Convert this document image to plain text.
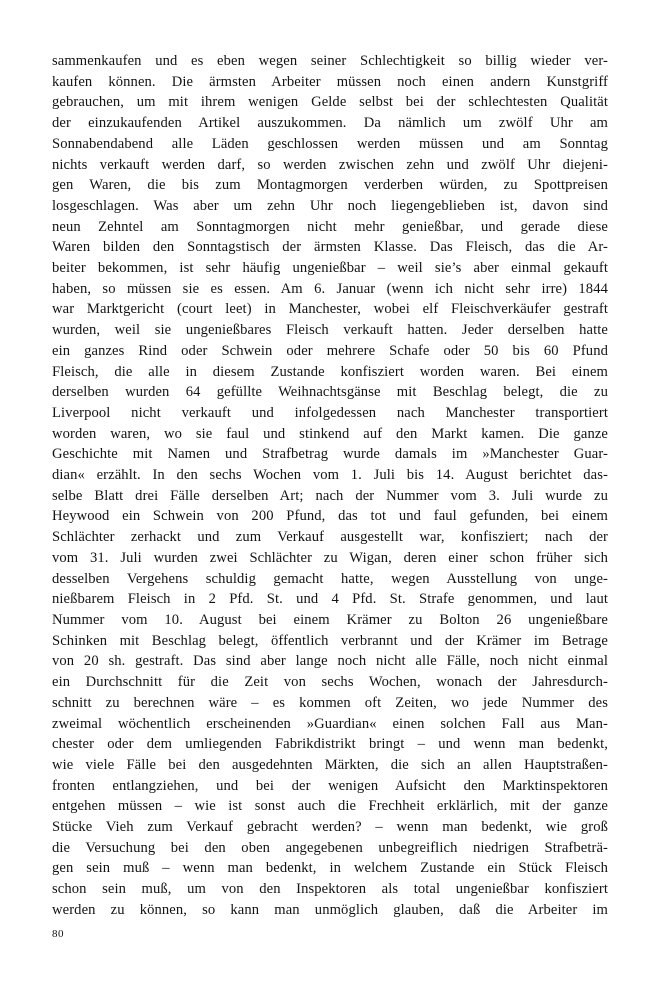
sammenkaufen und es eben wegen seiner Schlechtigkeit so billig wieder ver-
kaufen können. Die ärmsten Arbeiter müssen noch einen andern Kunstgriff
gebrauchen, um mit ihrem wenigen Gelde selbst bei der schlechtesten Qualität
der einzukaufenden Artikel auszukommen. Da nämlich um zwölf Uhr am
Sonnabendabend alle Läden geschlossen werden müssen und am Sonntag
nichts verkauft werden darf, so werden zwischen zehn und zwölf Uhr diejeni-
gen Waren, die bis zum Montagmorgen verderben würden, zu Spottpreisen
losgeschlagen. Was aber um zehn Uhr noch liegengeblieben ist, davon sind
neun Zehntel am Sonntagmorgen nicht mehr genießbar, und gerade diese
Waren bilden den Sonntagstisch der ärmsten Klasse. Das Fleisch, das die Ar-
beiter bekommen, ist sehr häufig ungenießbar – weil sie’s aber einmal gekauft
haben, so müssen sie es essen. Am 6. Januar (wenn ich nicht sehr irre) 1844
war Marktgericht (court leet) in Manchester, wobei elf Fleischverkäufer gestraft
wurden, weil sie ungenießbares Fleisch verkauft hatten. Jeder derselben hatte
ein ganzes Rind oder Schwein oder mehrere Schafe oder 50 bis 60 Pfund
Fleisch, die alle in diesem Zustande konfisziert worden waren. Bei einem
derselben wurden 64 gefüllte Weihnachtsgänse mit Beschlag belegt, die zu
Liverpool nicht verkauft und infolgedessen nach Manchester transportiert
worden waren, wo sie faul und stinkend auf den Markt kamen. Die ganze
Geschichte mit Namen und Strafbetrag wurde damals im »Manchester Guar-
dian« erzählt. In den sechs Wochen vom 1. Juli bis 14. August berichtet das-
selbe Blatt drei Fälle derselben Art; nach der Nummer vom 3. Juli wurde zu
Heywood ein Schwein von 200 Pfund, das tot und faul gefunden, bei einem
Schlächter zerhackt und zum Verkauf ausgestellt war, konfisziert; nach der
vom 31. Juli wurden zwei Schlächter zu Wigan, deren einer schon früher sich
desselben Vergehens schuldig gemacht hatte, wegen Ausstellung von unge-
nießbarem Fleisch in 2 Pfd. St. und 4 Pfd. St. Strafe genommen, und laut
Nummer vom 10. August bei einem Krämer zu Bolton 26 ungenießbare
Schinken mit Beschlag belegt, öffentlich verbrannt und der Krämer im Betrage
von 20 sh. gestraft. Das sind aber lange noch nicht alle Fälle, noch nicht einmal
ein Durchschnitt für die Zeit von sechs Wochen, wonach der Jahresdurch-
schnitt zu berechnen wäre – es kommen oft Zeiten, wo jede Nummer des
zweimal wöchentlich erscheinenden »Guardian« einen solchen Fall aus Man-
chester oder dem umliegenden Fabrikdistrikt bringt – und wenn man bedenkt,
wie viele Fälle bei den ausgedehnten Märkten, die sich an allen Hauptstraßen-
fronten entlangziehen, und bei der wenigen Aufsicht den Marktinspektoren
entgehen müssen – wie ist sonst auch die Frechheit erklärlich, mit der ganze
Stücke Vieh zum Verkauf gebracht werden? – wenn man bedenkt, wie groß
die Versuchung bei den oben angegebenen unbegreiflich niedrigen Strafbeträ-
gen sein muß – wenn man bedenkt, in welchem Zustande ein Stück Fleisch
schon sein muß, um von den Inspektoren als total ungenießbar konfisziert
werden zu können, so kann man unmöglich glauben, daß die Arbeiter im
80
